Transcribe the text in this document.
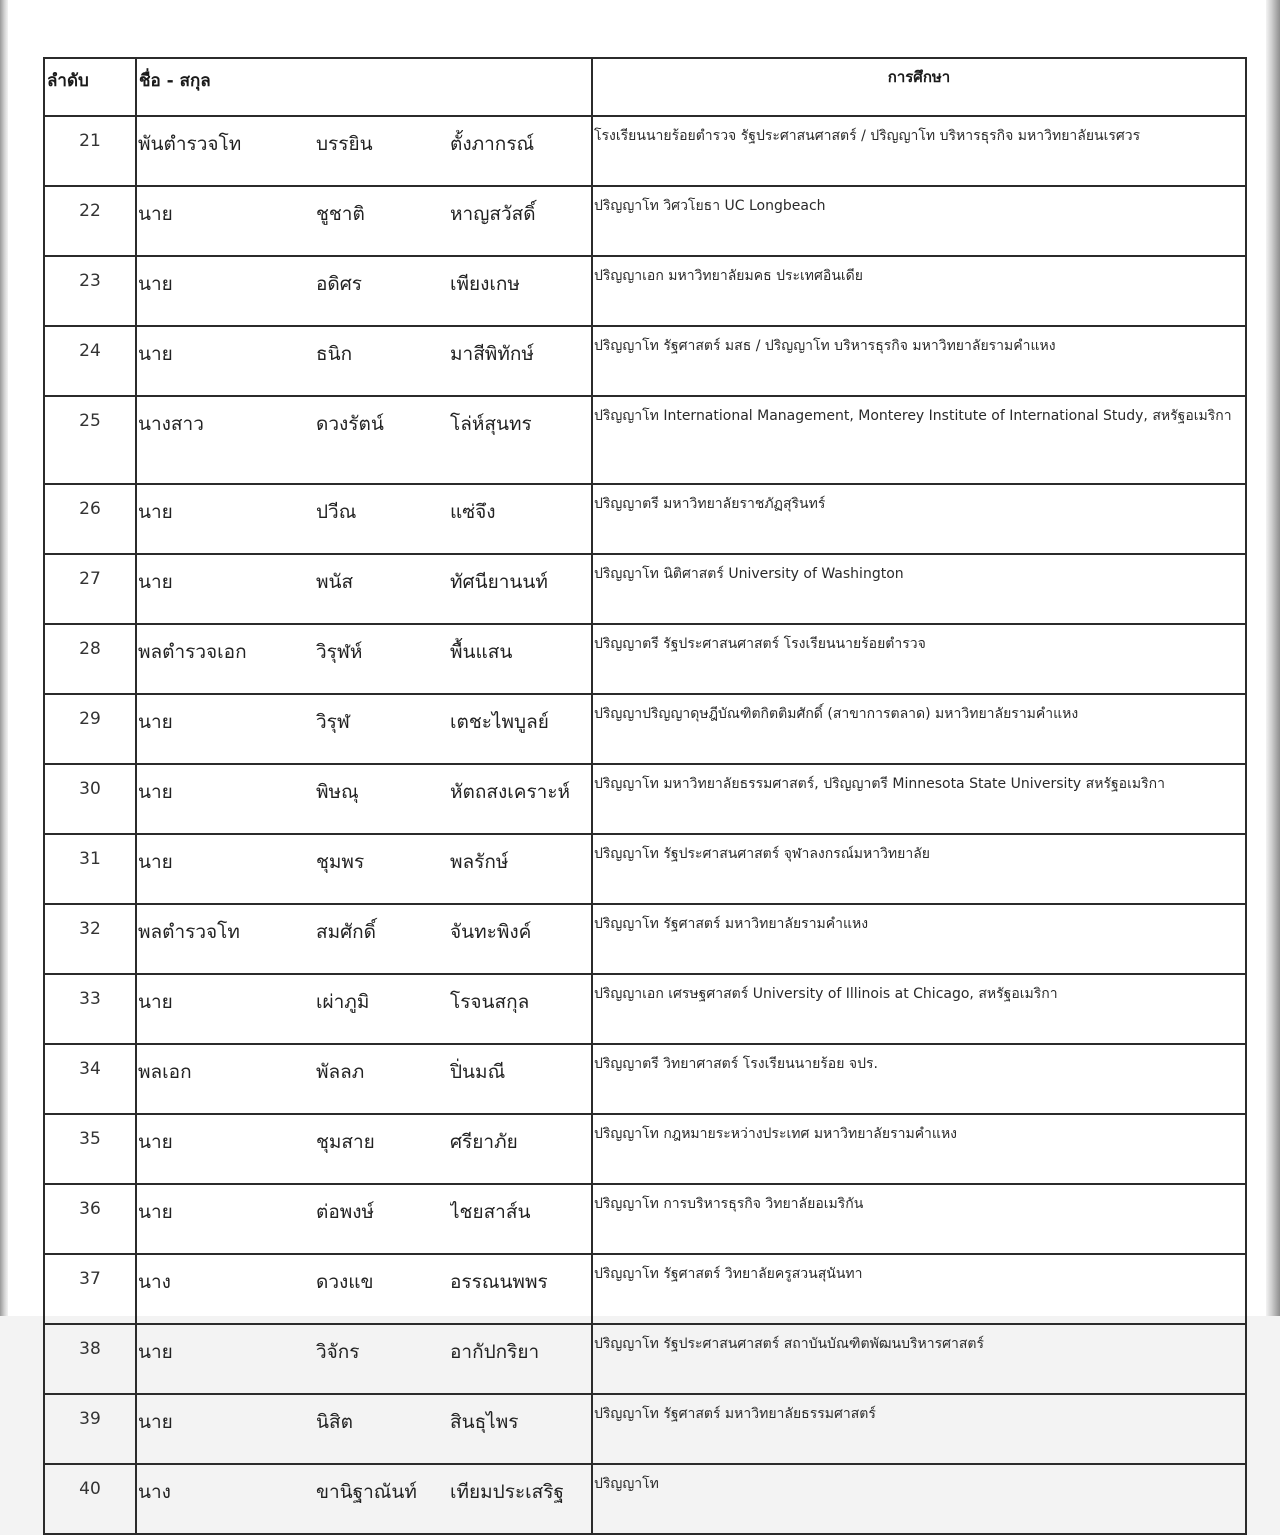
ลำดับ	ชื่อ - สกุล	การศึกษา

21	พันตำรวจโท บรรยิน ตั้งภากรณ์	โรงเรียนนายร้อยตำรวจ รัฐประศาสนศาสตร์ / ปริญญาโท บริหารธุรกิจ มหาวิทยาลัยนเรศวร

22	นาย ชูชาติ หาญสวัสดิ์	ปริญญาโท วิศวโยธา UC Longbeach

23	นาย อดิศร เพียงเกษ	ปริญญาเอก มหาวิทยาลัยมคธ ประเทศอินเดีย

24	นาย ธนิก มาสีพิทักษ์	ปริญญาโท รัฐศาสตร์ มสธ / ปริญญาโท บริหารธุรกิจ มหาวิทยาลัยรามคำแหง

25	นางสาว ดวงรัตน์ โล่ห์สุนทร	ปริญญาโท International Management, Monterey Institute of International Study, สหรัฐอเมริกา

26	นาย ปวีณ แซ่จึง	ปริญญาตรี มหาวิทยาลัยราชภัฏสุรินทร์

27	นาย พนัส ทัศนียานนท์	ปริญญาโท นิติศาสตร์ University of Washington

28	พลตำรวจเอก วิรุฬห์ พื้นแสน	ปริญญาตรี รัฐประศาสนศาสตร์ โรงเรียนนายร้อยตำรวจ

29	นาย วิรุฬ เตชะไพบูลย์	ปริญญาปริญญาดุษฎีบัณฑิตกิตติมศักดิ์ (สาขาการตลาด) มหาวิทยาลัยรามคำแหง

30	นาย พิษณุ หัตถสงเคราะห์	ปริญญาโท มหาวิทยาลัยธรรมศาสตร์, ปริญญาตรี Minnesota State University สหรัฐอเมริกา

31	นาย ชุมพร พลรักษ์	ปริญญาโท รัฐประศาสนศาสตร์ จุฬาลงกรณ์มหาวิทยาลัย

32	พลตำรวจโท สมศักดิ์ จันทะพิงค์	ปริญญาโท รัฐศาสตร์ มหาวิทยาลัยรามคำแหง

33	นาย เผ่าภูมิ โรจนสกุล	ปริญญาเอก เศรษฐศาสตร์ University of Illinois at Chicago, สหรัฐอเมริกา

34	พลเอก พัลลภ ปิ่นมณี	ปริญญาตรี วิทยาศาสตร์ โรงเรียนนายร้อย จปร.

35	นาย ชุมสาย ศรียาภัย	ปริญญาโท กฎหมายระหว่างประเทศ มหาวิทยาลัยรามคำแหง

36	นาย ต่อพงษ์ ไชยสาส์น	ปริญญาโท การบริหารธุรกิจ วิทยาลัยอเมริกัน

37	นาง ดวงแข อรรณนพพร	ปริญญาโท รัฐศาสตร์ วิทยาลัยครูสวนสุนันทา

38	นาย วิจักร อากัปกริยา	ปริญญาโท รัฐประศาสนศาสตร์ สถาบันบัณฑิตพัฒนบริหารศาสตร์

39	นาย นิสิต สินธุไพร	ปริญญาโท รัฐศาสตร์ มหาวิทยาลัยธรรมศาสตร์

40	นาง ขานิฐาณันท์ เทียมประเสริฐ	ปริญญาโท
